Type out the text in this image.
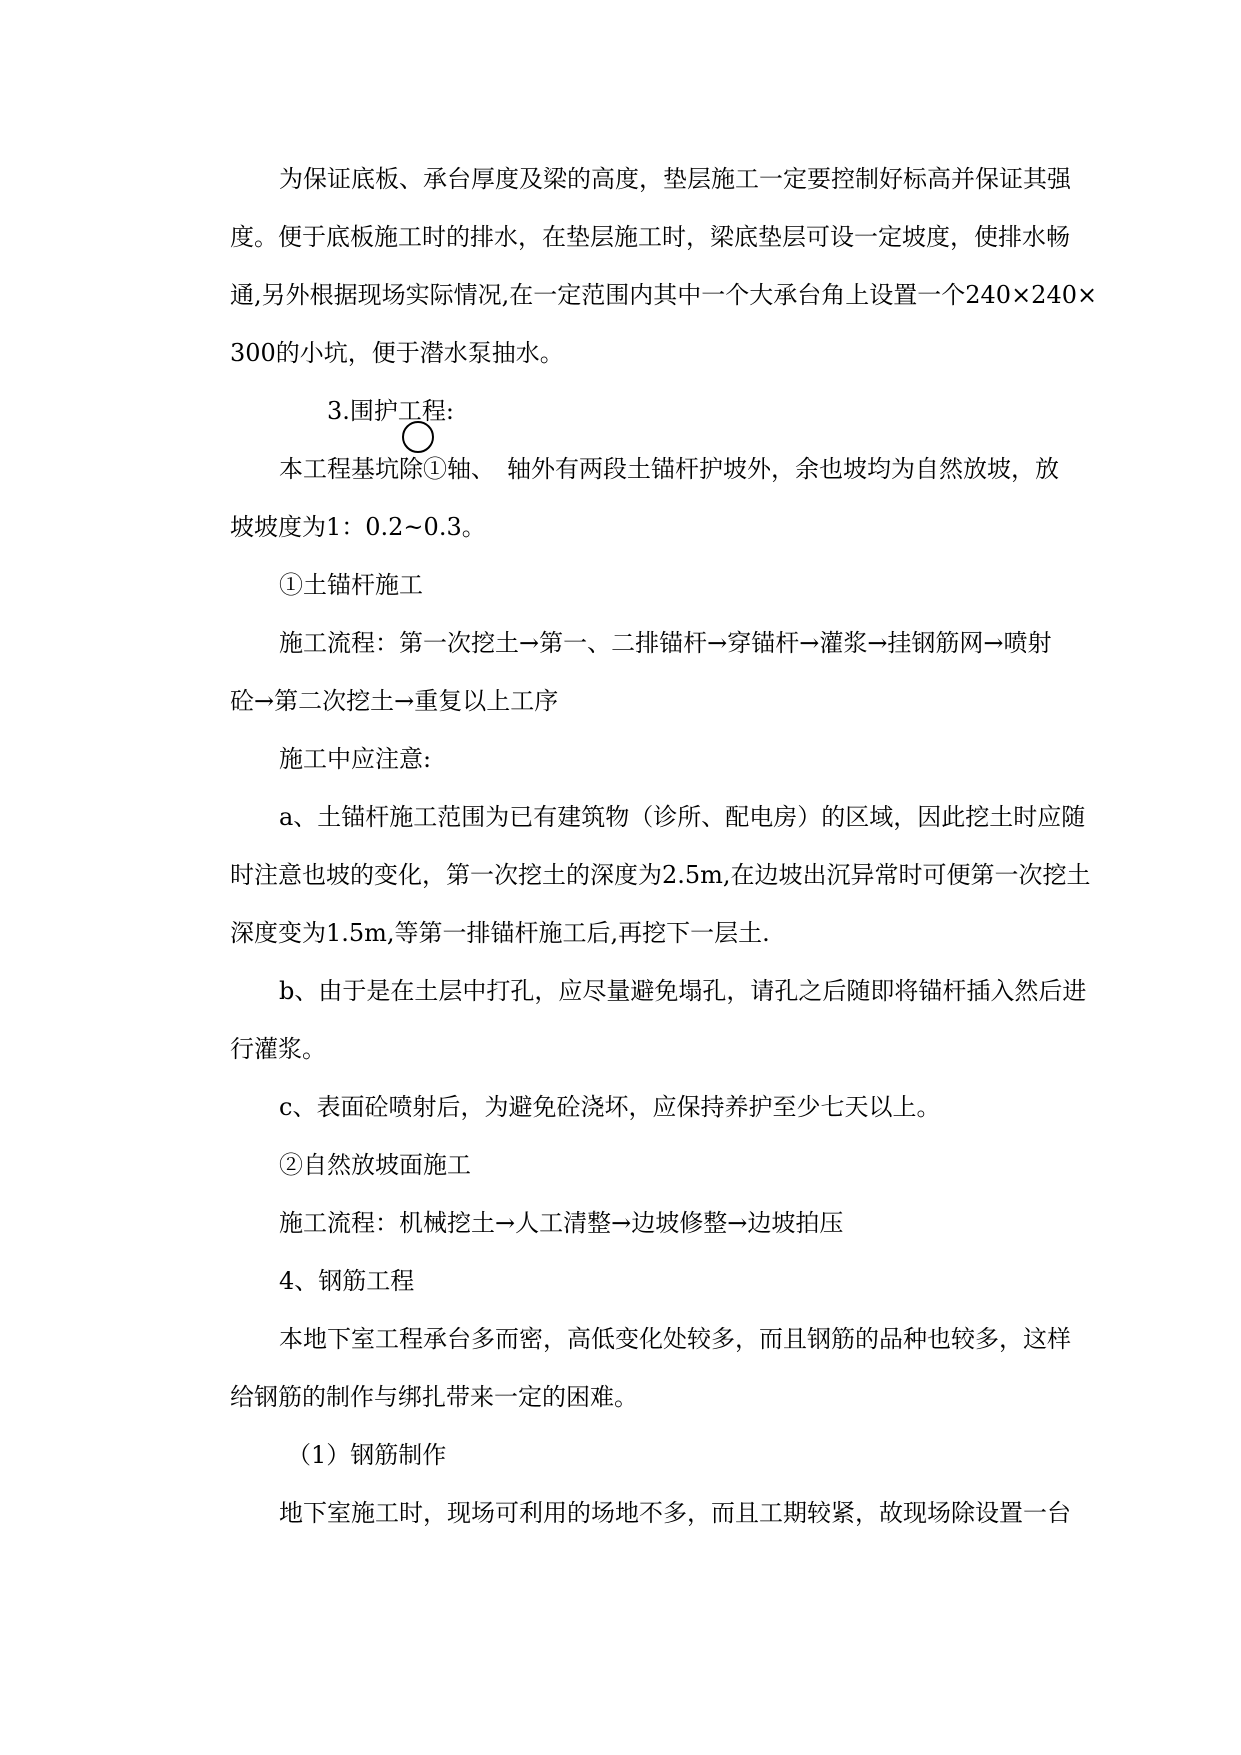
为保证底板、承台厚度及梁的高度，垫层施工一定要控制好标高并保证其强
度。便于底板施工时的排水，在垫层施工时，梁底垫层可设一定坡度，使排水畅
通,另外根据现场实际情况,在一定范围内其中一个大承台角上设置一个240×240×
300的小坑，便于潜水泵抽水。
3.围护工程:
本工程基坑除①轴、　轴外有两段土锚杆护坡外，余也坡均为自然放坡，放
坡坡度为1：0.2~0.3。
①土锚杆施工
施工流程：第一次挖土→第一、二排锚杆→穿锚杆→灌浆→挂钢筋网→喷射
砼→第二次挖土→重复以上工序
施工中应注意:
a、土锚杆施工范围为已有建筑物（诊所、配电房）的区域，因此挖土时应随
时注意也坡的变化，第一次挖土的深度为2.5m,在边坡出沉异常时可便第一次挖土
深度变为1.5m,等第一排锚杆施工后,再挖下一层土.
b、由于是在土层中打孔，应尽量避免塌孔，请孔之后随即将锚杆插入然后进
行灌浆。
c、表面砼喷射后，为避免砼浇坏，应保持养护至少七天以上。
②自然放坡面施工
施工流程：机械挖土→人工清整→边坡修整→边坡拍压
4、钢筋工程
本地下室工程承台多而密，高低变化处较多，而且钢筋的品种也较多，这样
给钢筋的制作与绑扎带来一定的困难。
（1）钢筋制作
地下室施工时，现场可利用的场地不多，而且工期较紧，故现场除设置一台
